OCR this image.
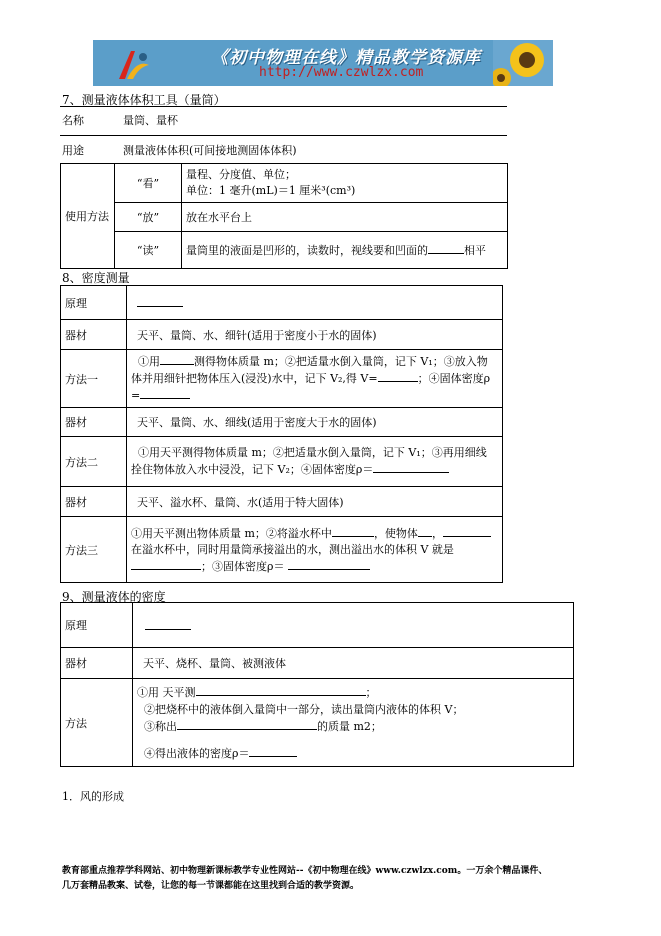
《初中物理在线》精品教学资源库
http://www.czwlzx.com
7、测量液体体积工具（量筒）
名称	量筒、量杯
用途	测量液体体积(可间接地测固体体积)
使用方法	“看”	量程、分度值、单位；
单位：1 毫升(mL)＝1 厘米³(cm³)

	“放”	放在水平台上
	“读”	量筒里的液面是凹形的，读数时，视线要和凹面的 相平
8、密度测量
原理	
器材	天平、量筒、水、细针(适用于密度小于水的固体)
方法一	①用 测得物体质量 m；②把适量水倒入量筒，记下 V₁；③放入物
体并用细针把物体压入(浸没)水中，记下 V₂,得 V= ；④固体密度ρ
=

器材	天平、量筒、水、细线(适用于密度大于水的固体)
方法二	①用天平测得物体质量 m；②把适量水倒入量筒，记下 V₁；③再用细线
拴住物体放入水中浸没，记下 V₂；④固体密度ρ＝

器材	天平、溢水杯、量筒、水(适用于特大固体)
方法三	①用天平测出物体质量 m；②将溢水杯中 ，使物体 ，
在溢水杯中，同时用量筒承接溢出的水，测出溢出水的体积 V 就是
；③固体密度ρ＝
9、测量液体的密度
原理	
器材	天平、烧杯、量筒、被测液体
方法	①用 天平测 ；
②把烧杯中的液体倒入量筒中一部分，读出量筒内液体的体积 V；
③称出 的质量 m2；
④得出液体的密度ρ＝
1．风的形成
教育部重点推荐学科网站、初中物理新课标教学专业性网站--《初中物理在线》www.czwlzx.com。一万余个精品课件、
几万套精品教案、试卷，让您的每一节课都能在这里找到合适的教学资源。
